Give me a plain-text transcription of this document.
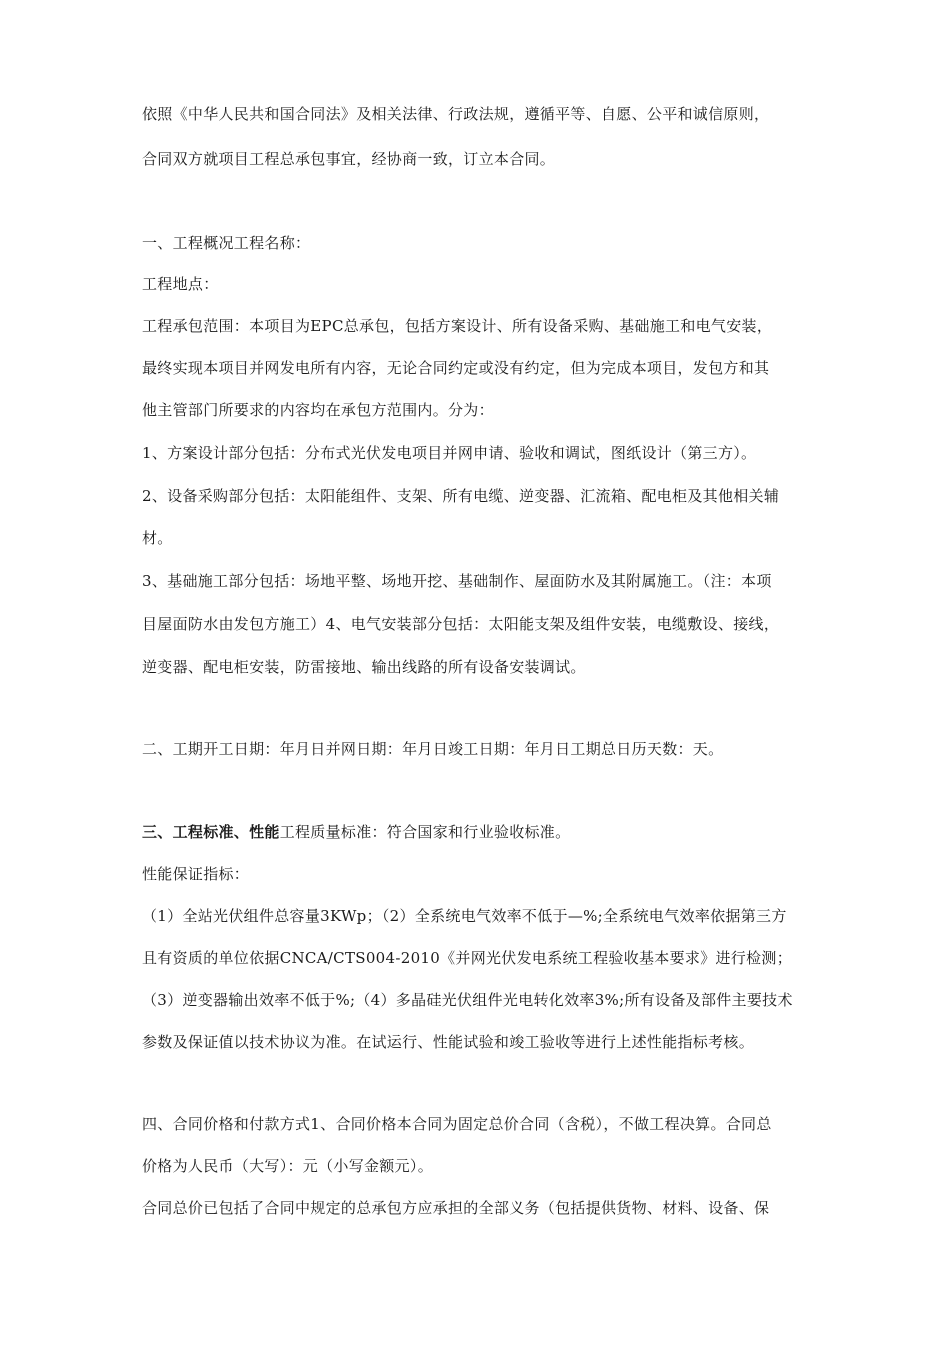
依照《中华人民共和国合同法》及相关法律、行政法规，遵循平等、自愿、公平和诚信原则，
合同双方就项目工程总承包事宜，经协商一致，订立本合同。
一、工程概况工程名称：
工程地点：
工程承包范围：本项目为EPC总承包，包括方案设计、所有设备采购、基础施工和电气安装，
最终实现本项目并网发电所有内容，无论合同约定或没有约定，但为完成本项目，发包方和其
他主管部门所要求的内容均在承包方范围内。分为：
1、方案设计部分包括：分布式光伏发电项目并网申请、验收和调试，图纸设计（第三方）。
2、设备采购部分包括：太阳能组件、支架、所有电缆、逆变器、汇流箱、配电柜及其他相关辅
材。
3、基础施工部分包括：场地平整、场地开挖、基础制作、屋面防水及其附属施工。（注：本项
目屋面防水由发包方施工）4、电气安装部分包括：太阳能支架及组件安装，电缆敷设、接线，
逆变器、配电柜安装，防雷接地、输出线路的所有设备安装调试。
二、工期开工日期：年月日并网日期：年月日竣工日期：年月日工期总日历天数：天。
三、工程标准、性能工程质量标准：符合国家和行业验收标准。
性能保证指标：
（1）全站光伏组件总容量3KWp；（2）全系统电气效率不低于—%;全系统电气效率依据第三方
且有资质的单位依据CNCA/CTS004-2010《并网光伏发电系统工程验收基本要求》进行检测；
（3）逆变器输出效率不低于%;（4）多晶硅光伏组件光电转化效率3%;所有设备及部件主要技术
参数及保证值以技术协议为准。在试运行、性能试验和竣工验收等进行上述性能指标考核。
四、合同价格和付款方式1、合同价格本合同为固定总价合同（含税），不做工程决算。合同总
价格为人民币（大写）：元（小写金额元）。
合同总价已包括了合同中规定的总承包方应承担的全部义务（包括提供货物、材料、设备、保
